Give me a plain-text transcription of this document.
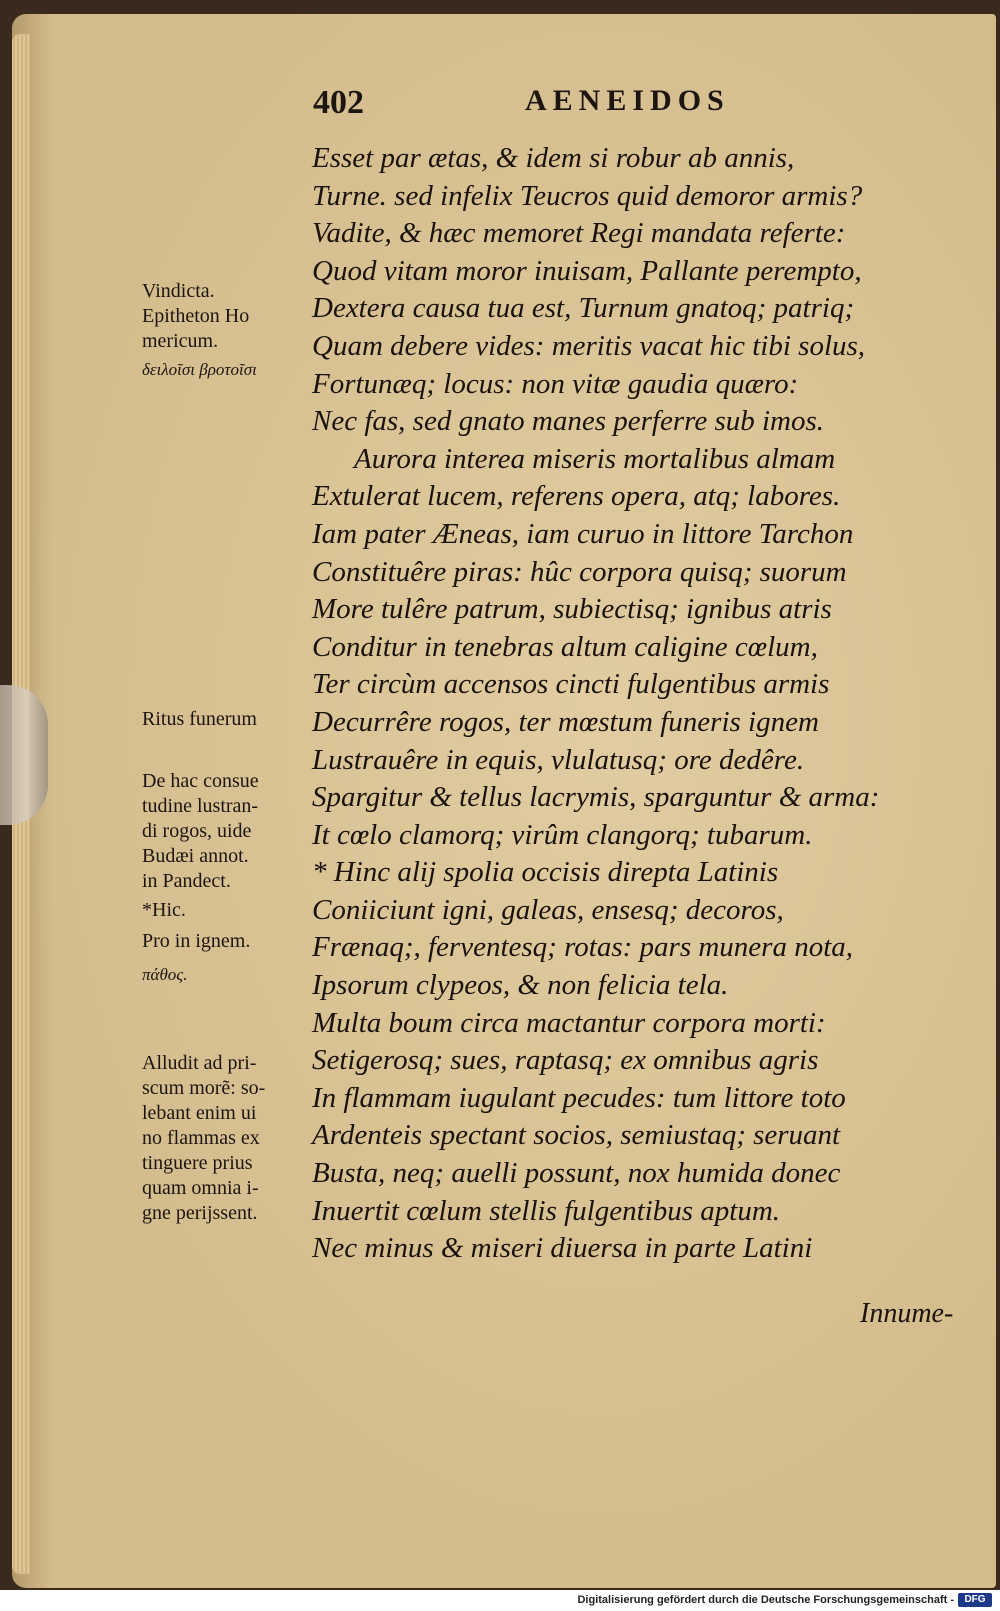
402	AENEIDOS
Esset par ætas, & idem si robur ab annis,
Turne. sed infelix Teucros quid demoror armis?
Vadite, & hæc memoret Regi mandata referte:
Quod vitam moror inuisam, Pallante perempto,
Dextera causa tua est, Turnum gnatoq; patriq;
Quam debere vides: meritis vacat hic tibi solus,
Fortunæq; locus: non vitæ gaudia quæro:
Nec fas, sed gnato manes perferre sub imos.
Aurora interea miseris mortalibus almam
Extulerat lucem, referens opera, atq; labores.
Iam pater Æneas, iam curuo in littore Tarchon
Constituêre piras: hûc corpora quisq; suorum
More tulêre patrum, subiectisq; ignibus atris
Conditur in tenebras altum caligine cœlum,
Ter circùm accensos cincti fulgentibus armis
Decurrêre rogos, ter mœstum funeris ignem
Lustrauêre in equis, vlulatusq; ore dedêre.
Spargitur & tellus lacrymis, sparguntur & arma:
It cœlo clamorq; virûm clangorq; tubarum.
* Hinc alij spolia occisis direpta Latinis
Coniiciunt igni, galeas, ensesq; decoros,
Frænaq;, ferventesq; rotas: pars munera nota,
Ipsorum clypeos, & non felicia tela.
Multa boum circa mactantur corpora morti:
Setigerosq; sues, raptasq; ex omnibus agris
In flammam iugulant pecudes: tum littore toto
Ardenteis spectant socios, semiustaq; seruant
Busta, neq; auelli possunt, nox humida donec
Inuertit cœlum stellis fulgentibus aptum.
Nec minus & miseri diuersa in parte Latini
Innume-
Vindicta.
Epitheton Ho
mericum.
δειλοῖσι βροτοῖσι
Ritus funerum
De hac consue
tudine lustran-
di rogos, uide
Budæi annot.
in Pandect.
*Hic.
Pro in ignem.
πάθος.
Alludit ad pri-
scum morẽ: so-
lebant enim ui
no flammas ex
tinguere prius
quam omnia i-
gne perijssent.
Digitalisierung gefördert durch die Deutsche Forschungsgemeinschaft -	DFG
